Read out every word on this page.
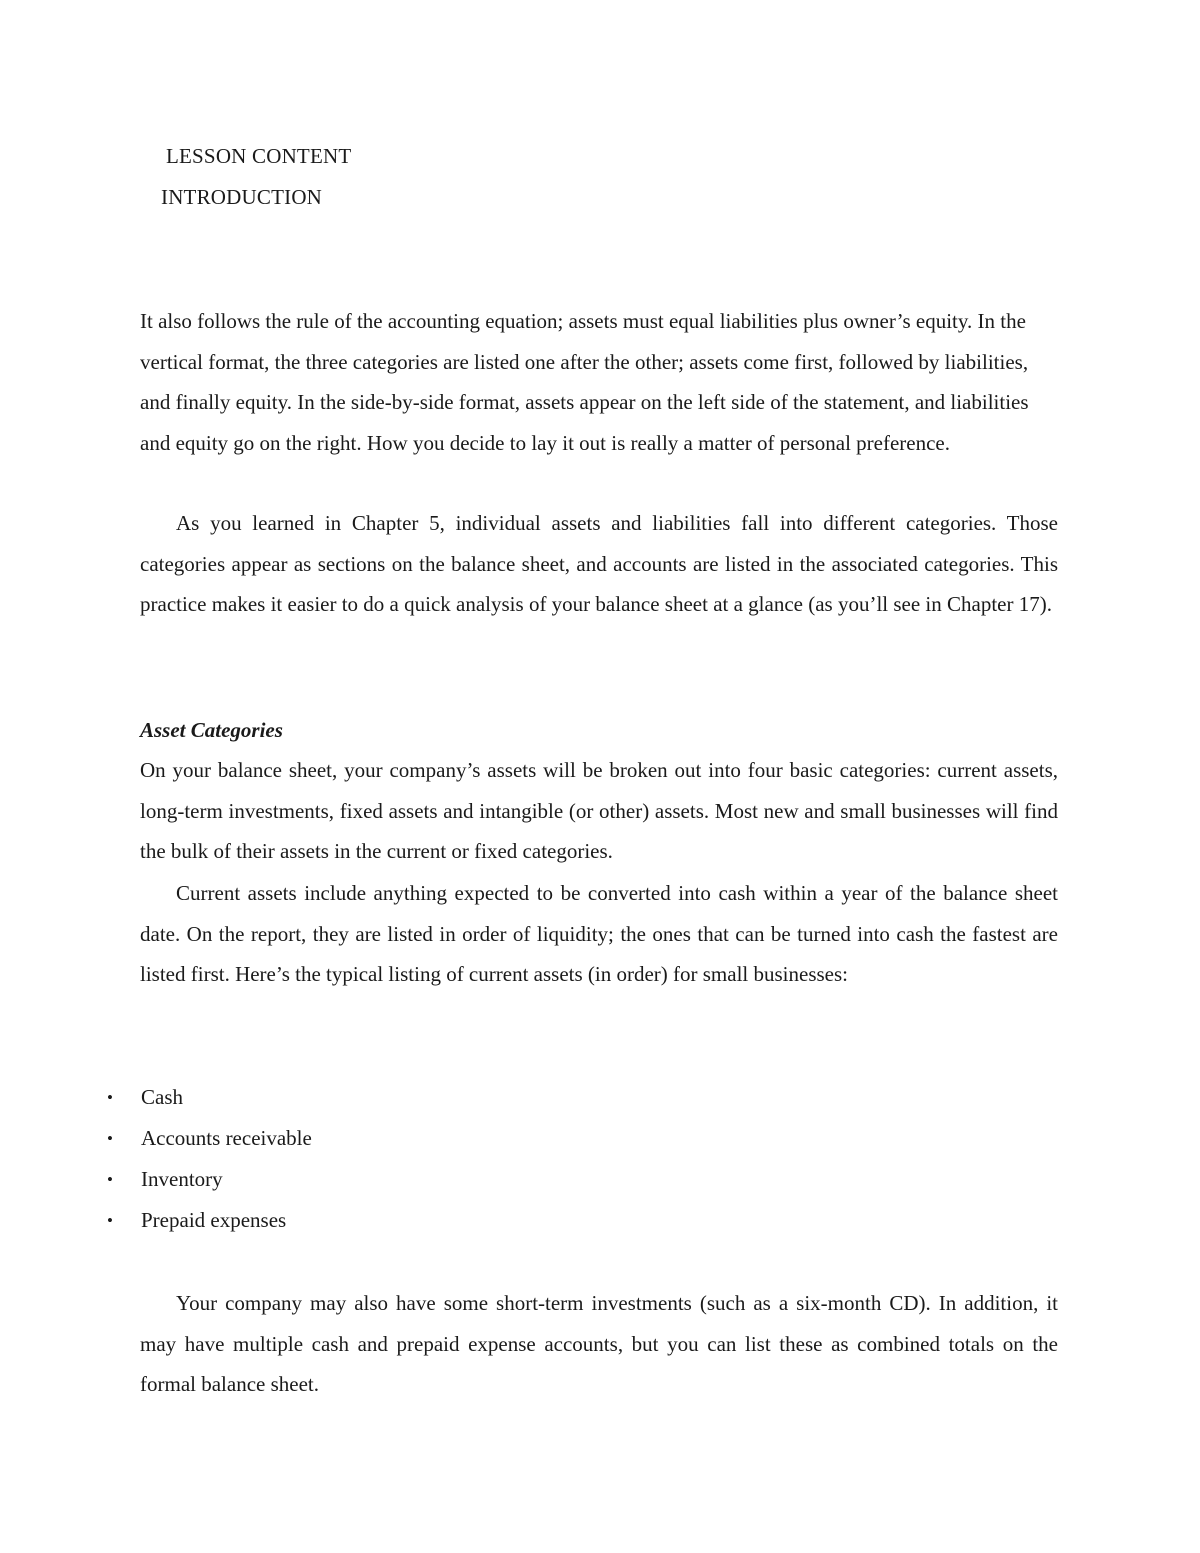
LESSON CONTENT
INTRODUCTION
It also follows the rule of the accounting equation; assets must equal liabilities plus owner’s equity. In the vertical format, the three categories are listed one after the other; assets come first, followed by liabilities, and finally equity. In the side-by-side format, assets appear on the left side of the statement, and liabilities and equity go on the right. How you decide to lay it out is really a matter of personal preference.
As you learned in Chapter 5, individual assets and liabilities fall into different categories. Those categories appear as sections on the balance sheet, and accounts are listed in the associated categories. This practice makes it easier to do a quick analysis of your balance sheet at a glance (as you’ll see in Chapter 17).
Asset Categories
On your balance sheet, your company’s assets will be broken out into four basic categories: current assets, long-term investments, fixed assets and intangible (or other) assets. Most new and small businesses will find the bulk of their assets in the current or fixed categories.
Current assets include anything expected to be converted into cash within a year of the balance sheet date. On the report, they are listed in order of liquidity; the ones that can be turned into cash the fastest are listed first. Here’s the typical listing of current assets (in order) for small businesses:
• Cash
• Accounts receivable
• Inventory
• Prepaid expenses
Your company may also have some short-term investments (such as a six-month CD). In addition, it may have multiple cash and prepaid expense accounts, but you can list these as combined totals on the formal balance sheet.
